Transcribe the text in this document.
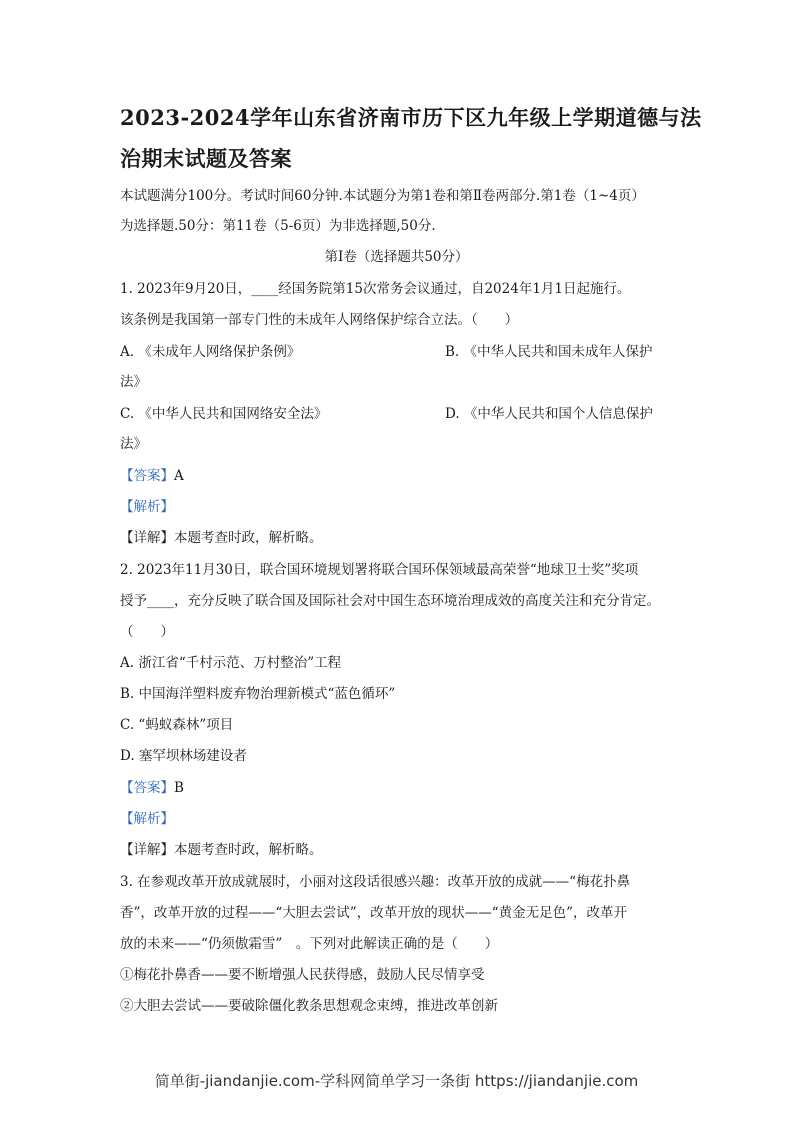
2023-2024学年山东省济南市历下区九年级上学期道德与法
治期末试题及答案
本试题满分100分。考试时间60分钟.本试题分为第1卷和第Ⅱ卷两部分.第1卷（1~4页）
为选择题.50分：第11卷（5-6页）为非选择题,50分.
第Ⅰ卷（选择题共50分）
1. 2023年9月20日，____经国务院第15次常务会议通过，自2024年1月1日起施行。
该条例是我国第一部专门性的未成年人网络保护综合立法。（　　）
A. 《未成年人网络保护条例》	B. 《中华人民共和国未成年人保护
法》
C. 《中华人民共和国网络安全法》	D. 《中华人民共和国个人信息保护
法》
【答案】A
【解析】
【详解】本题考查时政，解析略。
2. 2023年11月30日，联合国环境规划署将联合国环保领域最高荣誉“地球卫士奖”奖项
授予____，充分反映了联合国及国际社会对中国生态环境治理成效的高度关注和充分肯定。
（　　）
A. 浙江省“千村示范、万村整治”工程
B. 中国海洋塑料废弃物治理新模式“蓝色循环”
C. “蚂蚁森林”项目
D. 塞罕坝林场建设者
【答案】B
【解析】
【详解】本题考查时政，解析略。
3. 在参观改革开放成就展时，小丽对这段话很感兴趣：改革开放的成就——“梅花扑鼻
香”，改革开放的过程——“大胆去尝试”，改革开放的现状——“黄金无足色”，改革开
放的未来——“仍须傲霜雪”　。下列对此解读正确的是（　　）
①梅花扑鼻香——要不断增强人民获得感，鼓励人民尽情享受
②大胆去尝试——要破除僵化教条思想观念束缚，推进改革创新
简单街-jiandanjie.com-学科网简单学习一条街 https://jiandanjie.com
